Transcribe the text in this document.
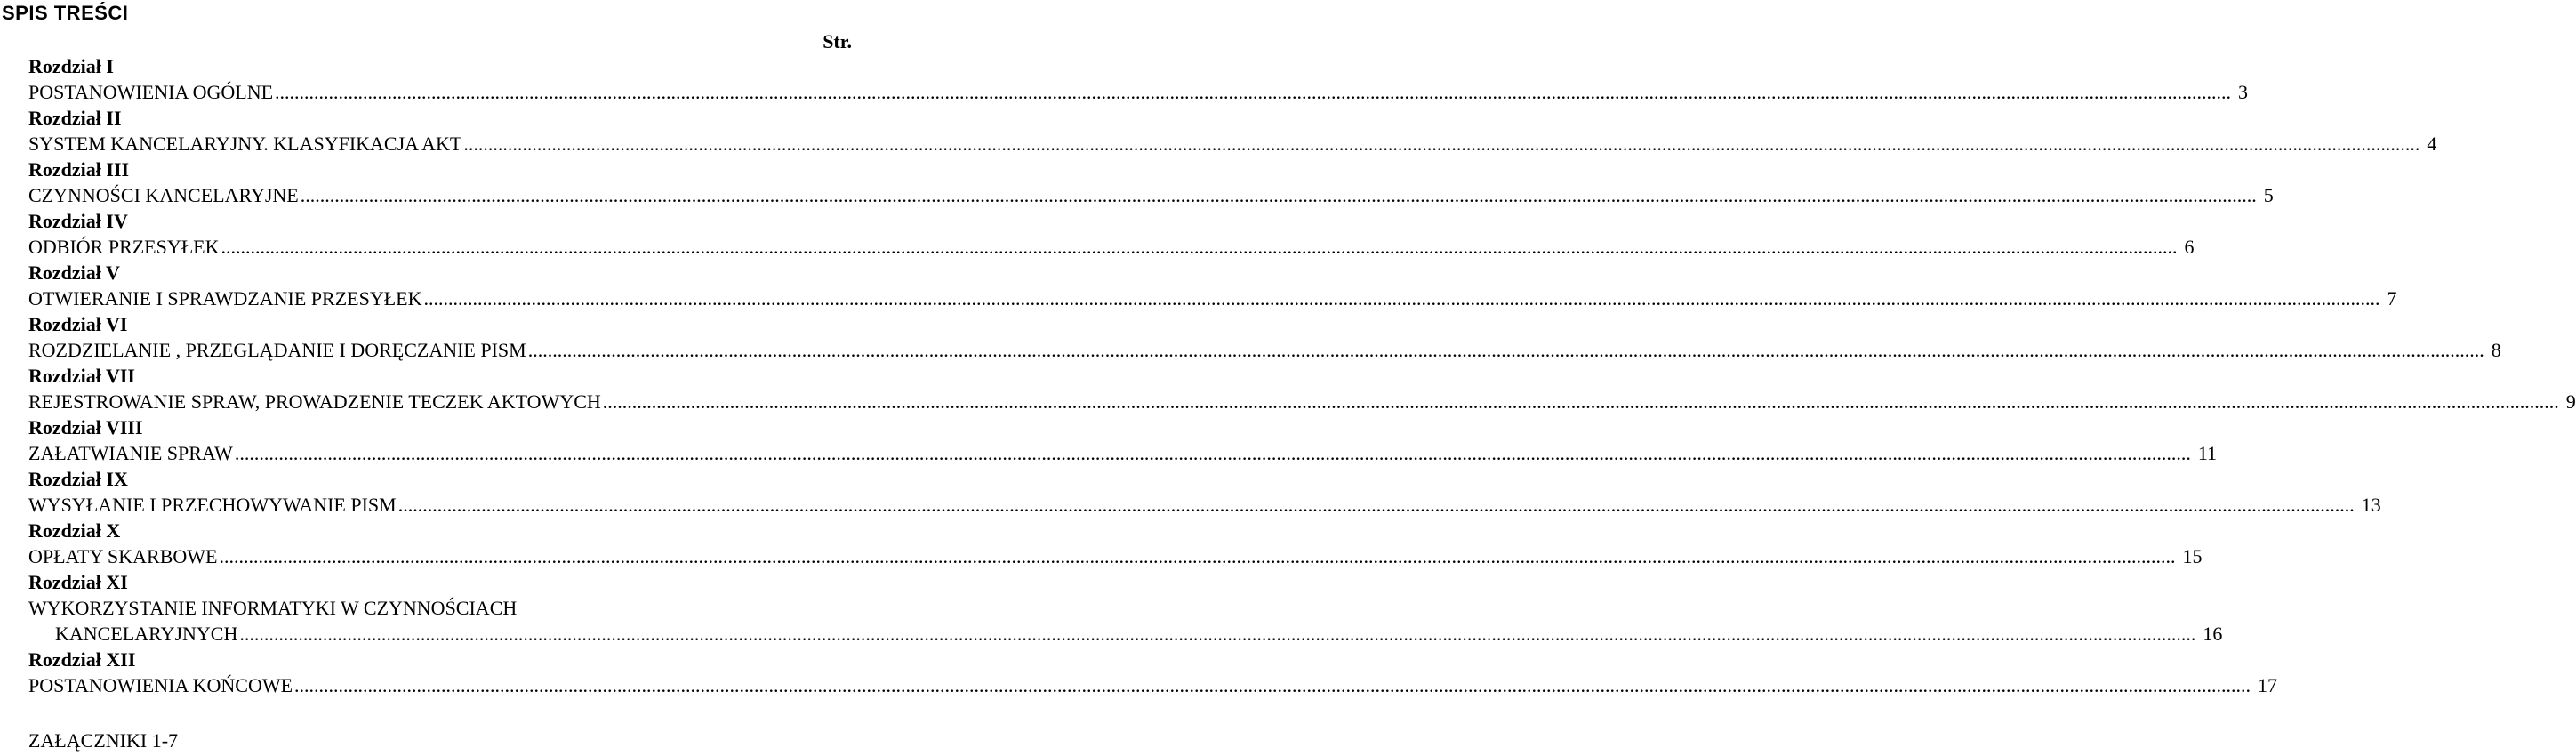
SPIS TREŚCI
Str.
Rozdział I
POSTANOWIENIA OGÓLNE ................................................................................................................................................................................................................................................................................................................................................................................................................ 3
Rozdział II
SYSTEM KANCELARYJNY. KLASYFIKACJA AKT ................................................................................................................................................................................................................................................................................................................................................................................................................ 4
Rozdział III
CZYNNOŚCI KANCELARYJNE ................................................................................................................................................................................................................................................................................................................................................................................................................ 5
Rozdział IV
ODBIÓR PRZESYŁEK ................................................................................................................................................................................................................................................................................................................................................................................................................ 6
Rozdział V
OTWIERANIE I SPRAWDZANIE PRZESYŁEK ................................................................................................................................................................................................................................................................................................................................................................................................................ 7
Rozdział VI
ROZDZIELANIE , PRZEGLĄDANIE I DORĘCZANIE PISM ................................................................................................................................................................................................................................................................................................................................................................................................................ 8
Rozdział VII
REJESTROWANIE SPRAW, PROWADZENIE TECZEK AKTOWYCH ................................................................................................................................................................................................................................................................................................................................................................................................................ 9
Rozdział VIII
ZAŁATWIANIE SPRAW ................................................................................................................................................................................................................................................................................................................................................................................................................ 11
Rozdział IX
WYSYŁANIE I PRZECHOWYWANIE PISM ................................................................................................................................................................................................................................................................................................................................................................................................................ 13
Rozdział X
OPŁATY SKARBOWE ................................................................................................................................................................................................................................................................................................................................................................................................................ 15
Rozdział XI
WYKORZYSTANIE INFORMATYKI W CZYNNOŚCIACH
KANCELARYJNYCH ................................................................................................................................................................................................................................................................................................................................................................................................................ 16
Rozdział XII
POSTANOWIENIA KOŃCOWE ................................................................................................................................................................................................................................................................................................................................................................................................................ 17
ZAŁĄCZNIKI 1-7
